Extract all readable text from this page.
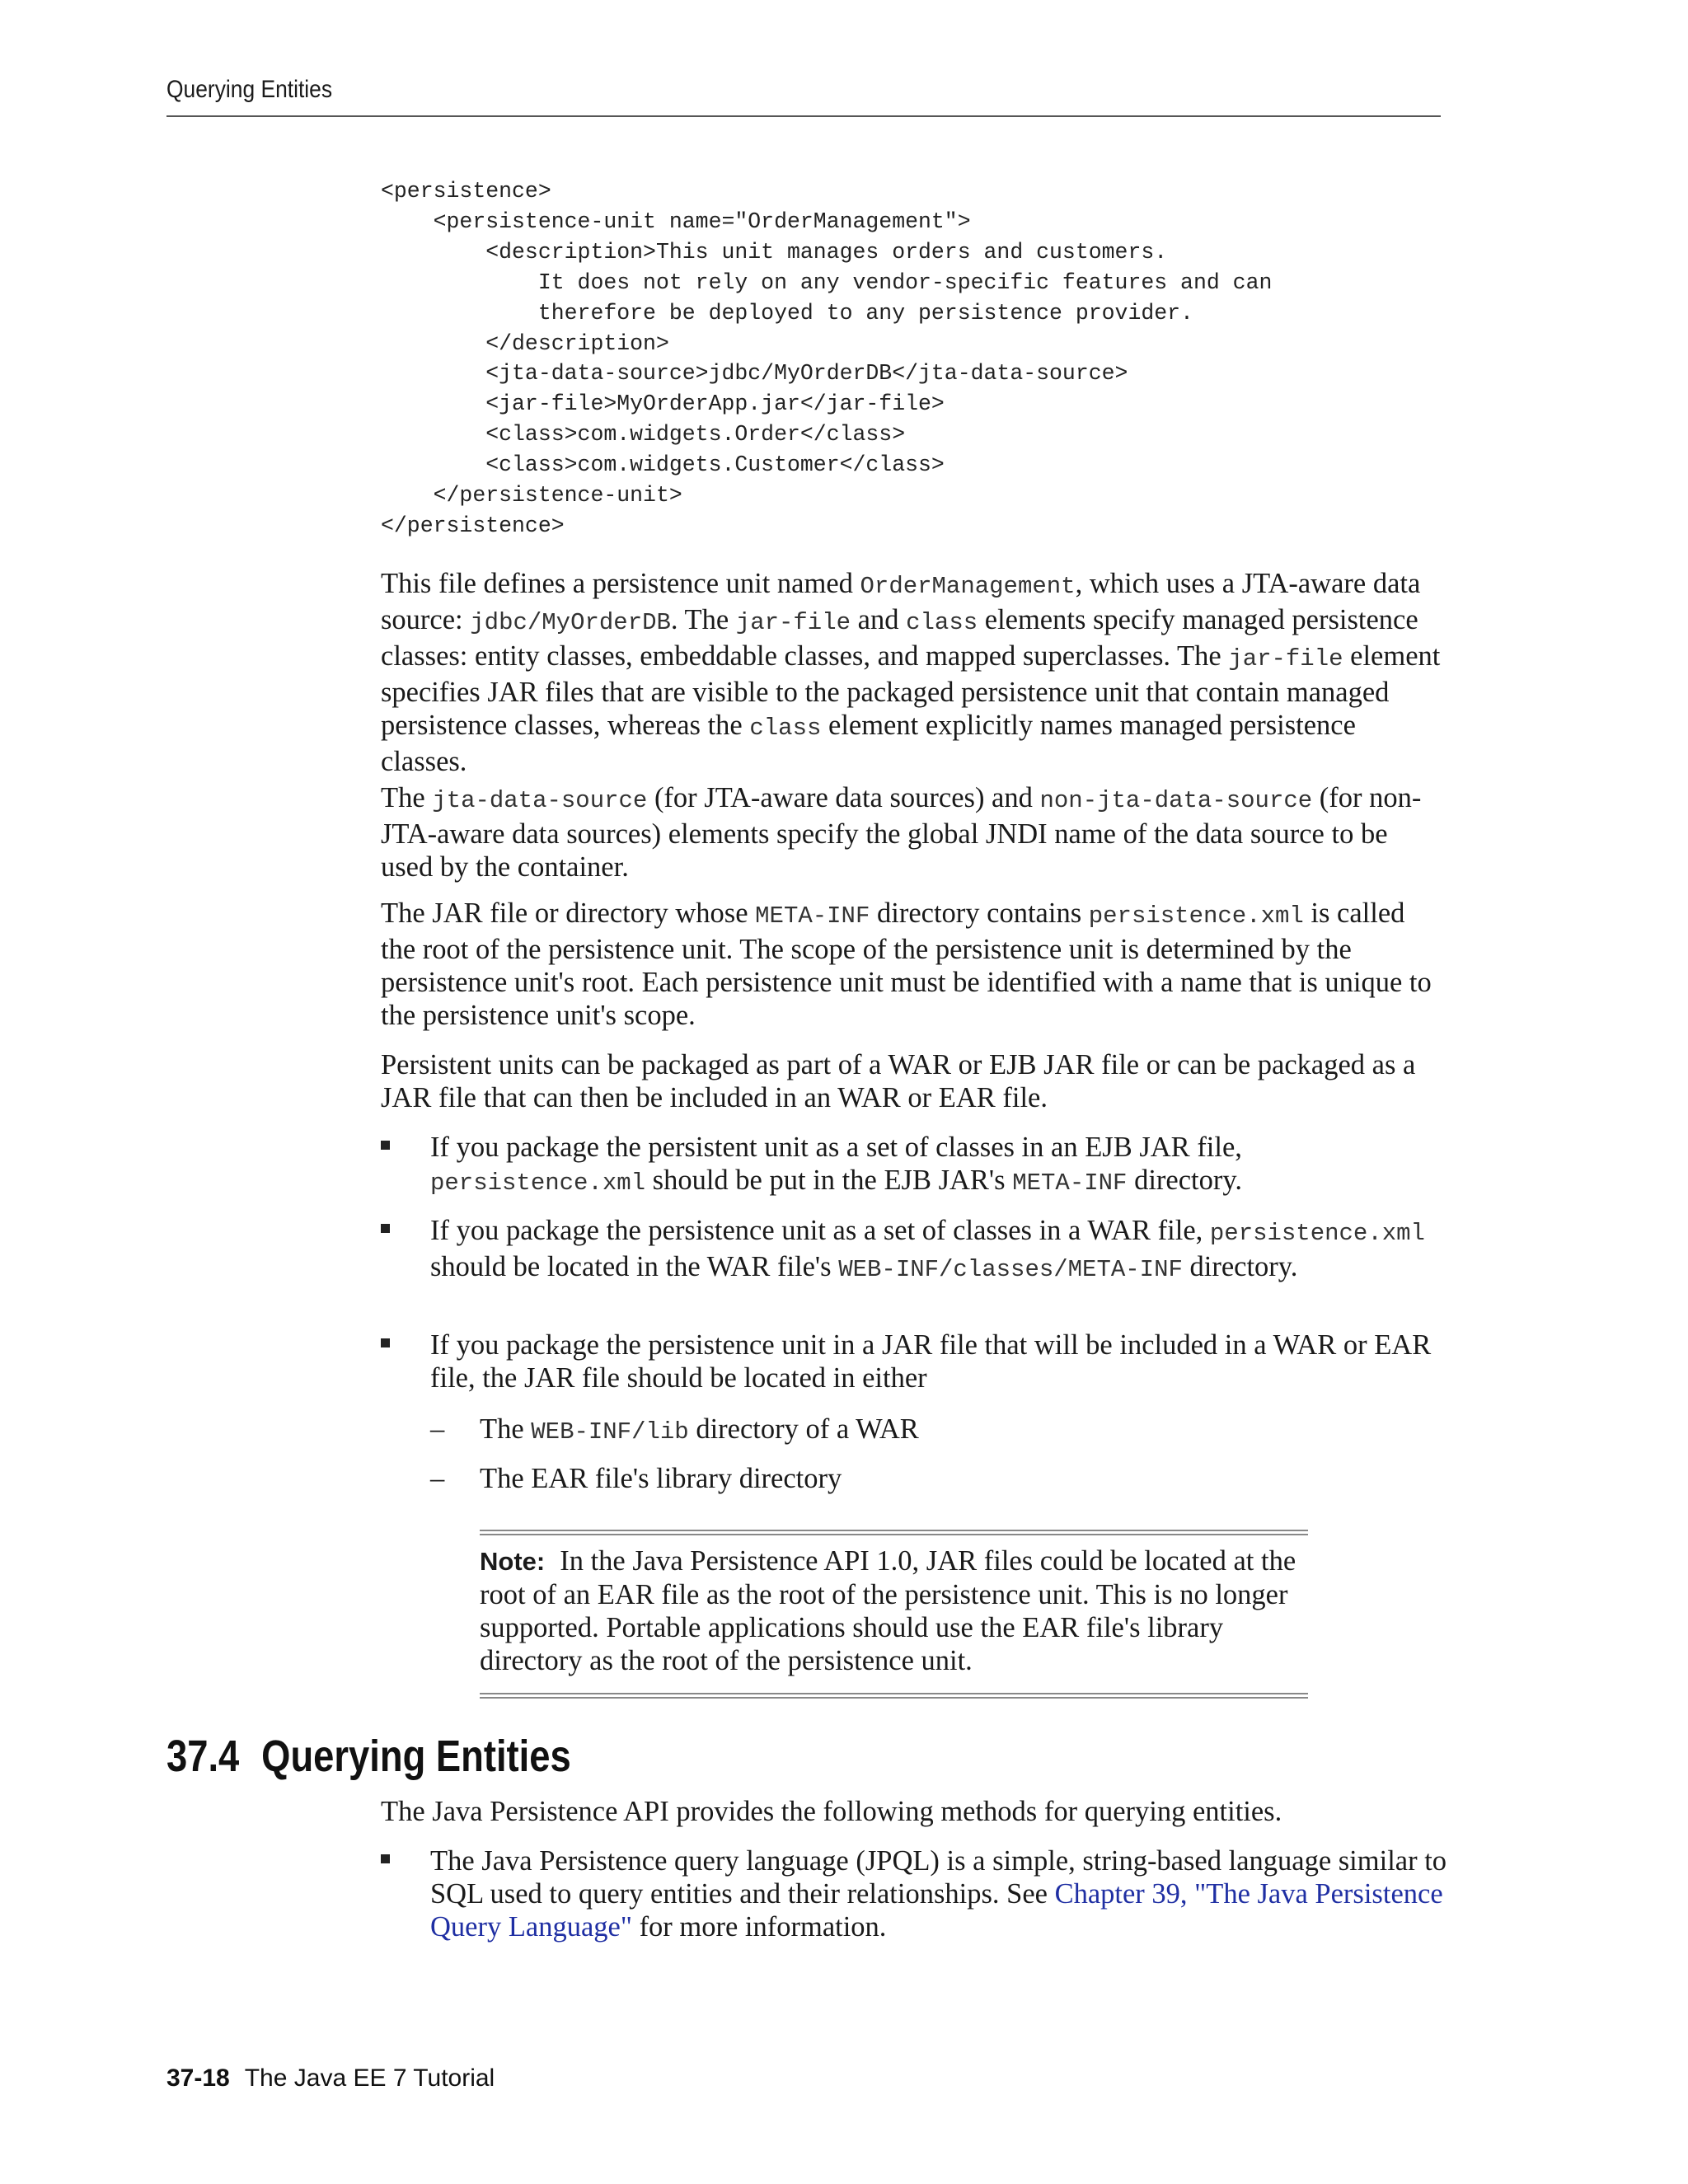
Querying Entities
<persistence>
<persistence-unit name="OrderManagement">
<description>This unit manages orders and customers.
It does not rely on any vendor-specific features and can
therefore be deployed to any persistence provider.
</description>
<jta-data-source>jdbc/MyOrderDB</jta-data-source>
<jar-file>MyOrderApp.jar</jar-file>
<class>com.widgets.Order</class>
<class>com.widgets.Customer</class>
</persistence-unit>
</persistence>

This file defines a persistence unit named OrderManagement, which uses a JTA-aware data source: jdbc/MyOrderDB. The jar-file and class elements specify managed persistence classes: entity classes, embeddable classes, and mapped superclasses. The jar-file element specifies JAR files that are visible to the packaged persistence unit that contain managed persistence classes, whereas the class element explicitly names managed persistence classes.

The jta-data-source (for JTA-aware data sources) and non-jta-data-source (for non-JTA-aware data sources) elements specify the global JNDI name of the data source to be used by the container.

The JAR file or directory whose META-INF directory contains persistence.xml is called the root of the persistence unit. The scope of the persistence unit is determined by the persistence unit's root. Each persistence unit must be identified with a name that is unique to the persistence unit's scope.

Persistent units can be packaged as part of a WAR or EJB JAR file or can be packaged as a JAR file that can then be included in an WAR or EAR file.

If you package the persistent unit as a set of classes in an EJB JAR file, persistence.xml should be put in the EJB JAR's META-INF directory.

If you package the persistence unit as a set of classes in a WAR file, persistence.xml should be located in the WAR file's WEB-INF/classes/META-INF directory.

If you package the persistence unit in a JAR file that will be included in a WAR or EAR file, the JAR file should be located in either

– The WEB-INF/lib directory of a WAR
– The EAR file's library directory

Note: In the Java Persistence API 1.0, JAR files could be located at the root of an EAR file as the root of the persistence unit. This is no longer supported. Portable applications should use the EAR file's library directory as the root of the persistence unit.

37.4 Querying Entities

The Java Persistence API provides the following methods for querying entities.

The Java Persistence query language (JPQL) is a simple, string-based language similar to SQL used to query entities and their relationships. See Chapter 39, "The Java Persistence Query Language" for more information.

37-18 The Java EE 7 Tutorial
